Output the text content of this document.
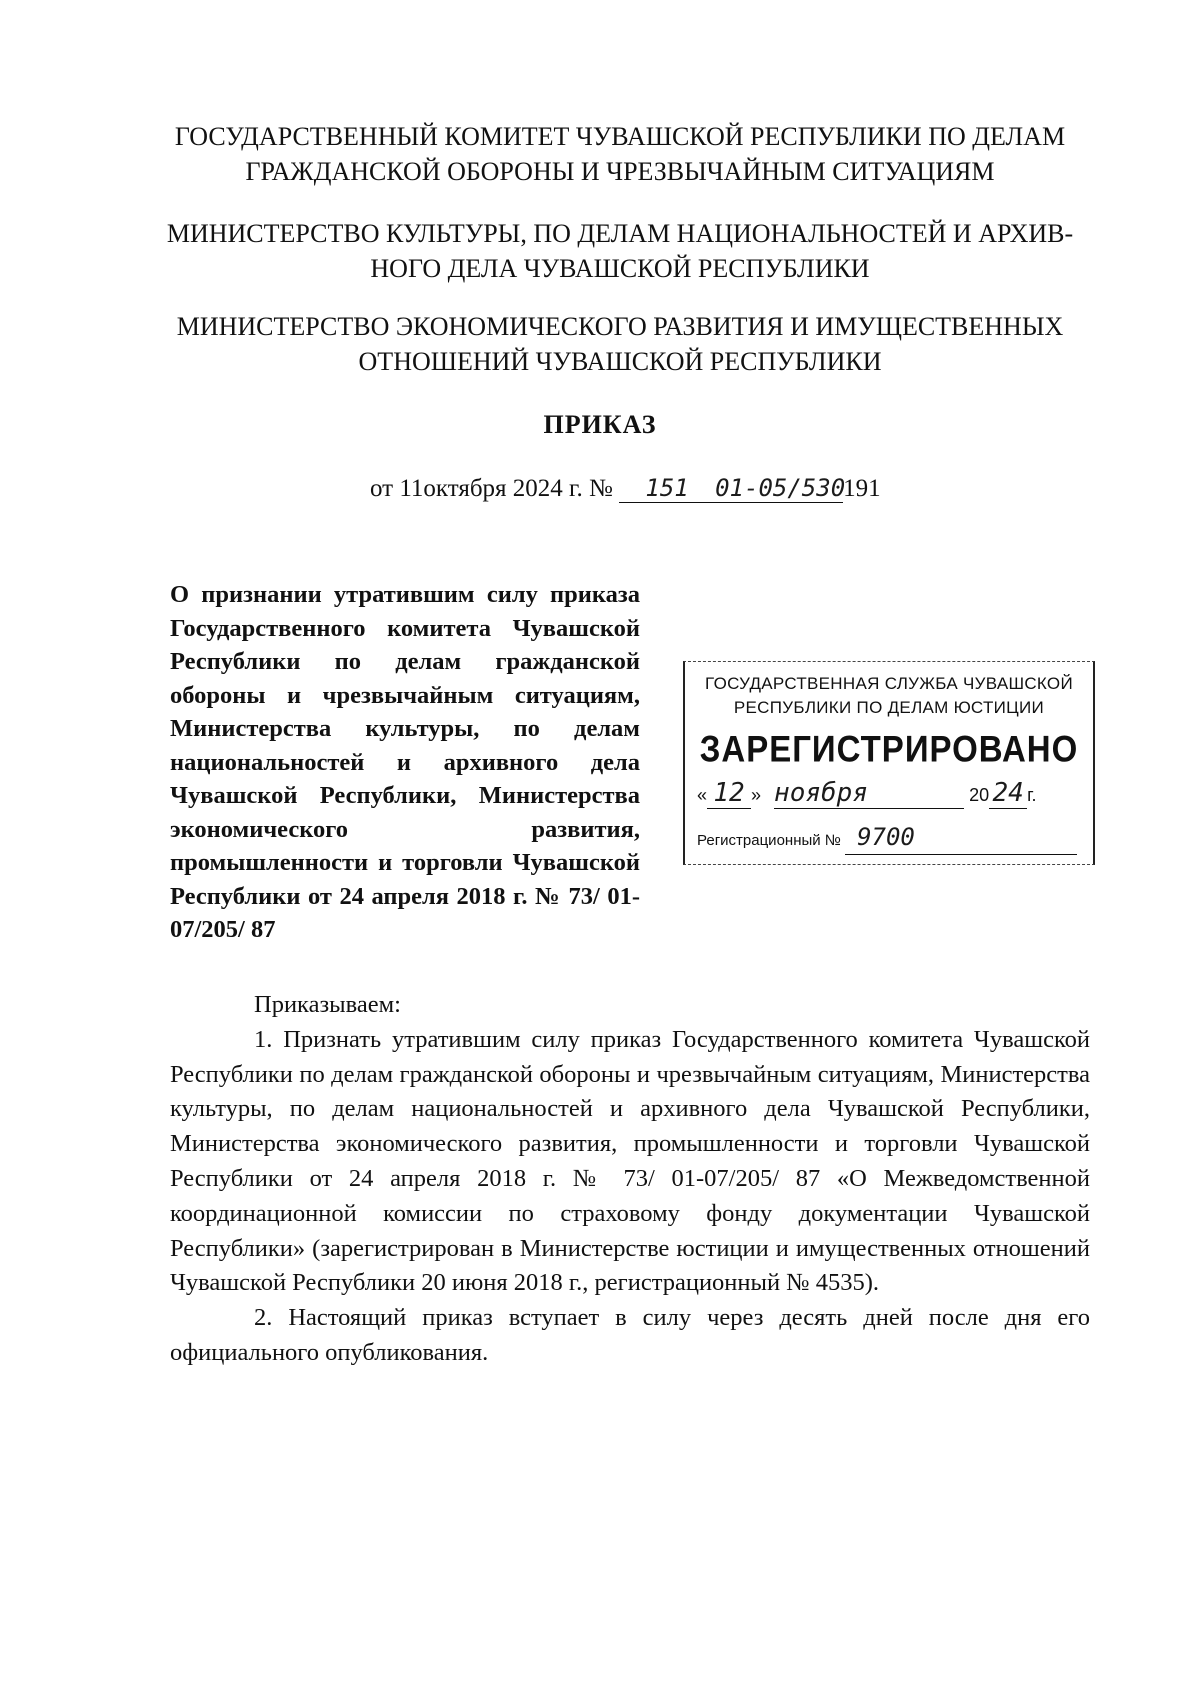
ГОСУДАРСТВЕННЫЙ КОМИТЕТ ЧУВАШСКОЙ РЕСПУБЛИКИ ПО ДЕЛАМ ГРАЖДАНСКОЙ ОБОРОНЫ И ЧРЕЗВЫЧАЙНЫМ СИТУАЦИЯМ
МИНИСТЕРСТВО КУЛЬТУРЫ, ПО ДЕЛАМ НАЦИОНАЛЬНОСТЕЙ И АРХИВ-НОГО ДЕЛА ЧУВАШСКОЙ РЕСПУБЛИКИ
МИНИСТЕРСТВО ЭКОНОМИЧЕСКОГО РАЗВИТИЯ И ИМУЩЕСТВЕННЫХ ОТНОШЕНИЙ ЧУВАШСКОЙ РЕСПУБЛИКИ
ПРИКАЗ
от 11октября 2024 г. № 151 01-05/530191
О признании утратившим силу приказа Государственного комитета Чувашской Республики по делам гражданской обороны и чрезвычайным ситуациям, Министерства культуры, по делам национальностей и архивного дела Чувашской Республики, Министерства экономического развития, промышленности и торговли Чувашской Республики от 24 апреля 2018 г. № 73/ 01-07/205/ 87
ГОСУДАРСТВЕННАЯ СЛУЖБА ЧУВАШСКОЙ
РЕСПУБЛИКИ ПО ДЕЛАМ ЮСТИЦИИ
ЗАРЕГИСТРИРОВАНО
« 12 » ноября	20 24 г.
Регистрационный № 9700

Приказываем:

1. Признать утратившим силу приказ Государственного комитета Чувашской Республики по делам гражданской обороны и чрезвычайным ситуациям, Министерства культуры, по делам национальностей и архивного дела Чувашской Республики, Министерства экономического развития, промышленности и торговли Чувашской Республики от 24 апреля 2018 г. № 73/ 01-07/205/ 87 «О Межведомственной координационной комиссии по страховому фонду документации Чувашской Республики» (зарегистрирован в Министерстве юстиции и имущественных отношений Чувашской Республики 20 июня 2018 г., регистрационный № 4535).

2. Настоящий приказ вступает в силу через десять дней после дня его официального опубликования.
